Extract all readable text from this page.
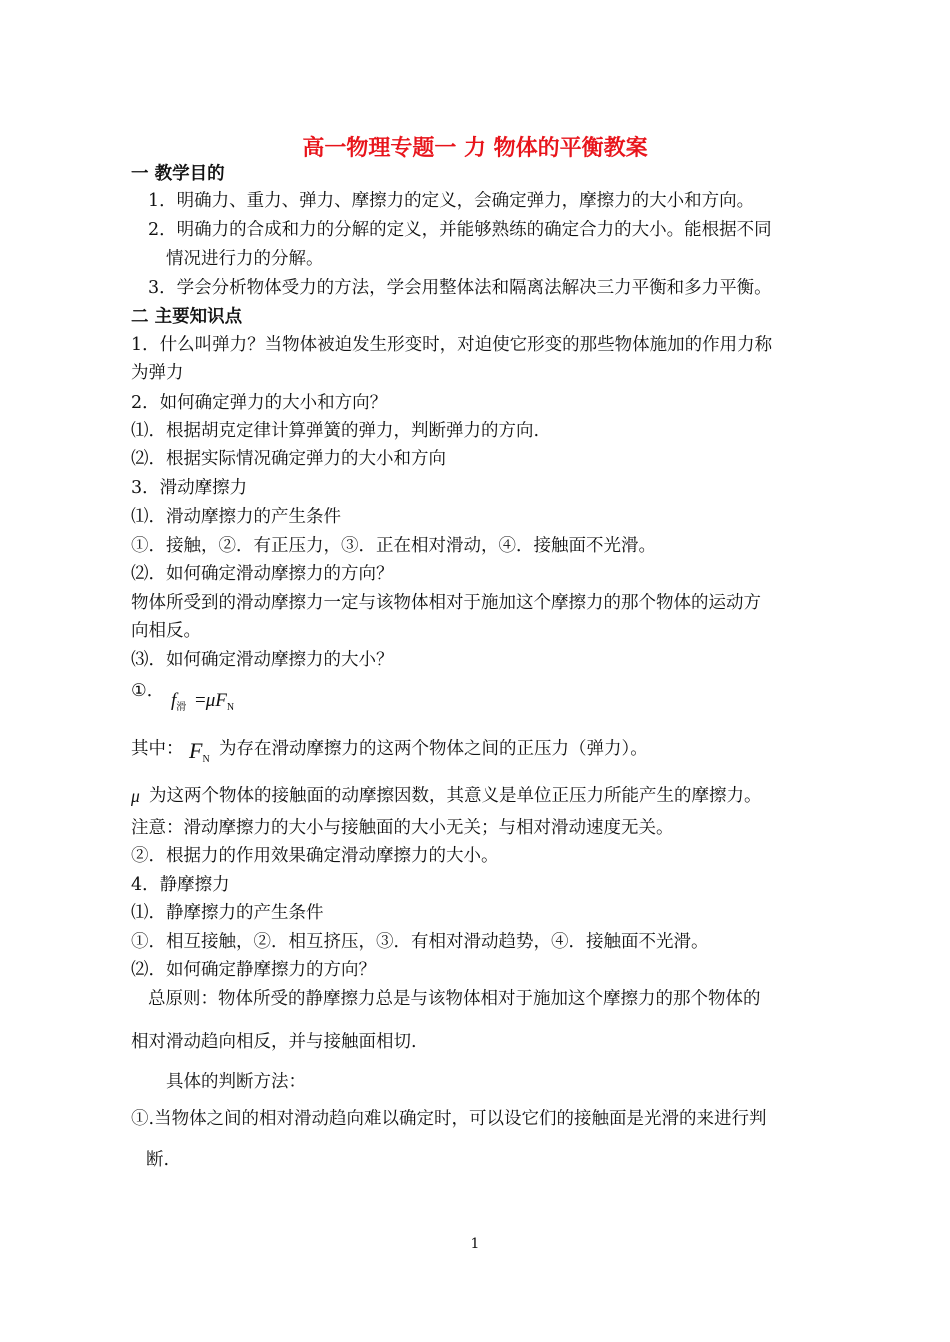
高一物理专题一 力 物体的平衡教案
一 教学目的
1．明确力、重力、弹力、摩擦力的定义，会确定弹力，摩擦力的大小和方向。
2．明确力的合成和力的分解的定义，并能够熟练的确定合力的大小。能根据不同
情况进行力的分解。
3．学会分析物体受力的方法，学会用整体法和隔离法解决三力平衡和多力平衡。
二 主要知识点
1．什么叫弹力？当物体被迫发生形变时，对迫使它形变的那些物体施加的作用力称
为弹力
2．如何确定弹力的大小和方向？
⑴．根据胡克定律计算弹簧的弹力，判断弹力的方向.
⑵．根据实际情况确定弹力的大小和方向
3．滑动摩擦力
⑴．滑动摩擦力的产生条件
①．接触，②．有正压力，③．正在相对滑动，④．接触面不光滑。
⑵．如何确定滑动摩擦力的方向？
物体所受到的滑动摩擦力一定与该物体相对于施加这个摩擦力的那个物体的运动方
向相反。
⑶．如何确定滑动摩擦力的大小？
①． $f_滑 =\mu F_N$
其中： $F_N$
为存在滑动摩擦力的这两个物体之间的正压力（弹力）。
μ 为这两个物体的接触面的动摩擦因数，其意义是单位正压力所能产生的摩擦力。
注意：滑动摩擦力的大小与接触面的大小无关；与相对滑动速度无关。
②．根据力的作用效果确定滑动摩擦力的大小。
4．静摩擦力
⑴．静摩擦力的产生条件
①．相互接触，②．相互挤压，③．有相对滑动趋势，④．接触面不光滑。
⑵．如何确定静摩擦力的方向？
总原则：物体所受的静摩擦力总是与该物体相对于施加这个摩擦力的那个物体的
相对滑动趋向相反，并与接触面相切.
具体的判断方法：
①.当物体之间的相对滑动趋向难以确定时，可以设它们的接触面是光滑的来进行判
断.
1
